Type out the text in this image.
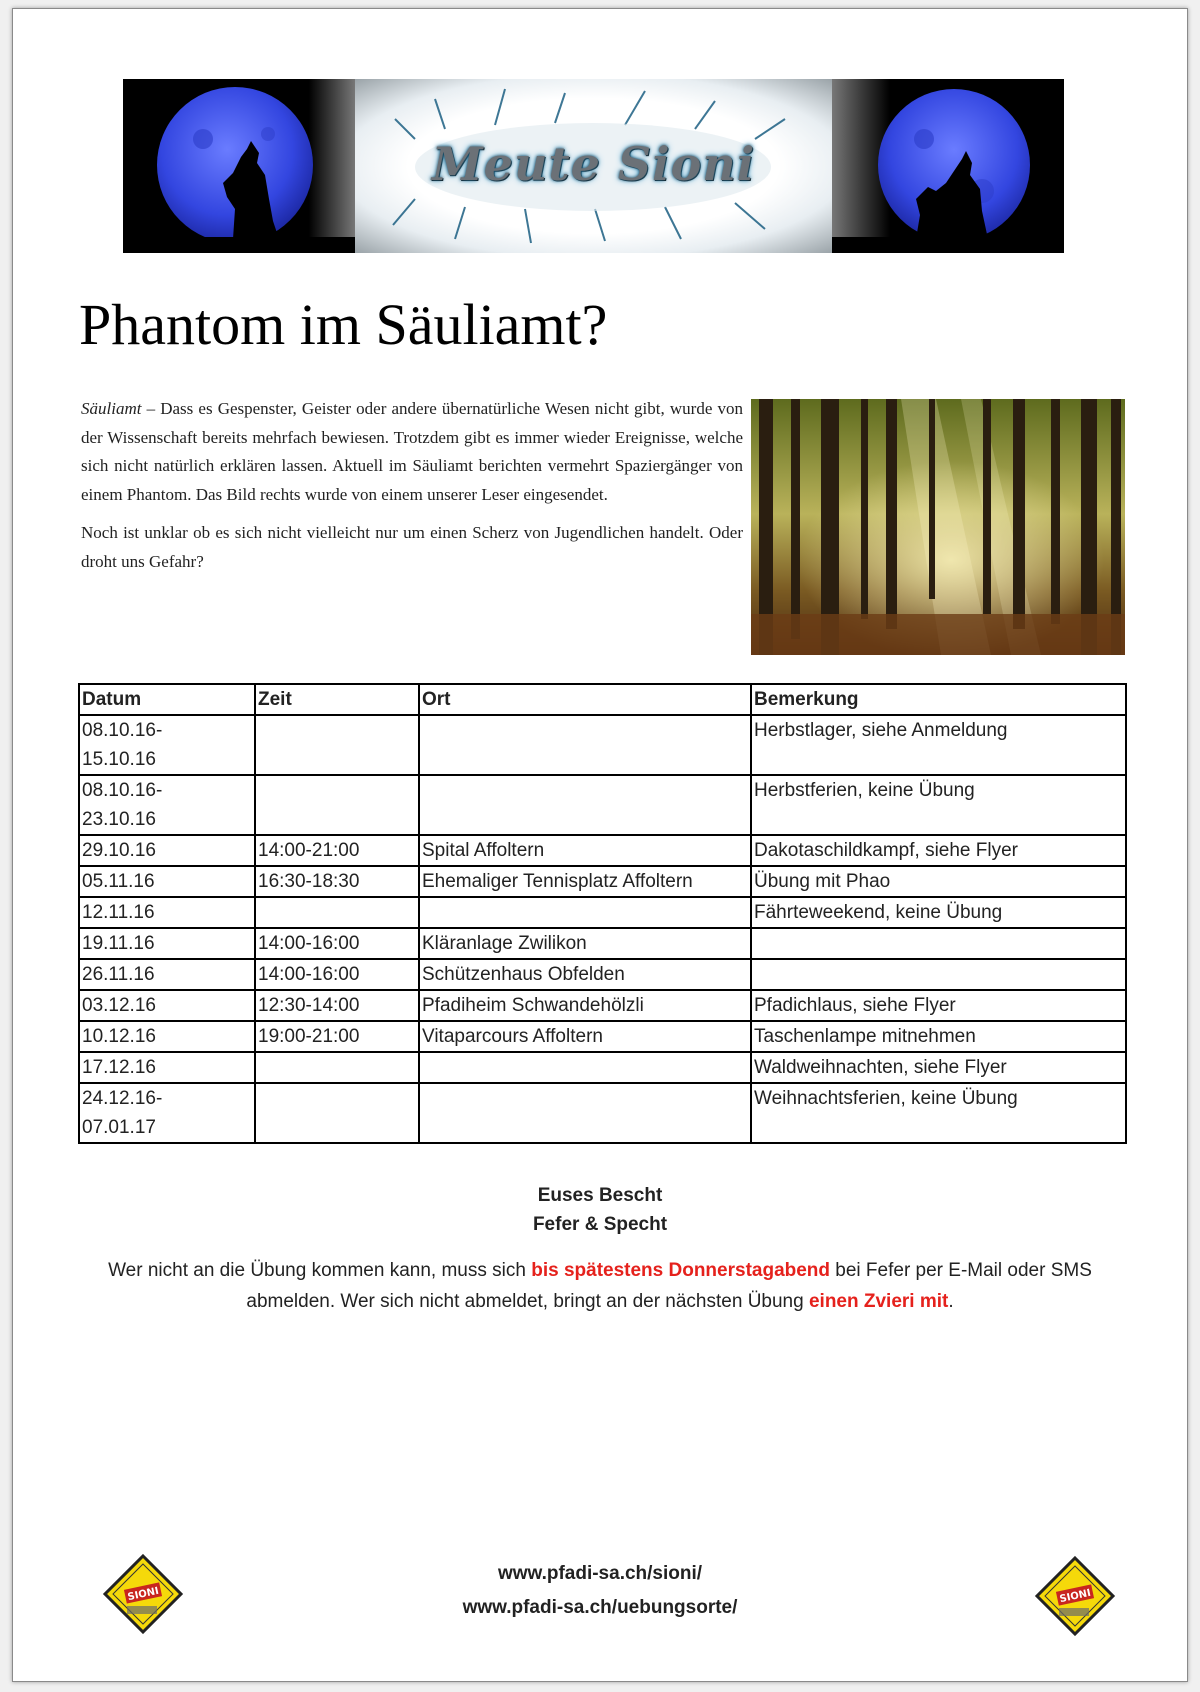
Meute Sioni
Phantom im Säuliamt?

Säuliamt – Dass es Gespenster, Geister oder andere übernatürliche Wesen nicht gibt, wurde von der Wissenschaft bereits mehrfach bewiesen. Trotzdem gibt es immer wieder Ereignisse, welche sich nicht natürlich erklären lassen. Aktuell im Säuliamt berichten vermehrt Spaziergänger von einem Phantom. Das Bild rechts wurde von einem unserer Leser eingesendet.

Noch ist unklar ob es sich nicht vielleicht nur um einen Scherz von Jugendlichen handelt. Oder droht uns Gefahr?

Datum	Zeit	Ort	Bemerkung
08.10.16-
15.10.16			Herbstlager, siehe Anmeldung
08.10.16-
23.10.16			Herbstferien, keine Übung
29.10.16	14:00-21:00	Spital Affoltern	Dakotaschildkampf, siehe Flyer
05.11.16	16:30-18:30	Ehemaliger Tennisplatz Affoltern	Übung mit Phao
12.11.16			Fährteweekend, keine Übung
19.11.16	14:00-16:00	Kläranlage Zwilikon	
26.11.16	14:00-16:00	Schützenhaus Obfelden	
03.12.16	12:30-14:00	Pfadiheim Schwandehölzli	Pfadichlaus, siehe Flyer
10.12.16	19:00-21:00	Vitaparcours Affoltern	Taschenlampe mitnehmen
17.12.16			Waldweihnachten, siehe Flyer
24.12.16-
07.01.17			Weihnachtsferien, keine Übung
Euses Bescht
Fefer & Specht
Wer nicht an die Übung kommen kann, muss sich bis spätestens Donnerstagabend bei Fefer per E-Mail oder SMS abmelden. Wer sich nicht abmeldet, bringt an der nächsten Übung einen Zvieri mit.
SIONI
www.pfadi-sa.ch/sioni/
www.pfadi-sa.ch/uebungsorte/
SIONI
